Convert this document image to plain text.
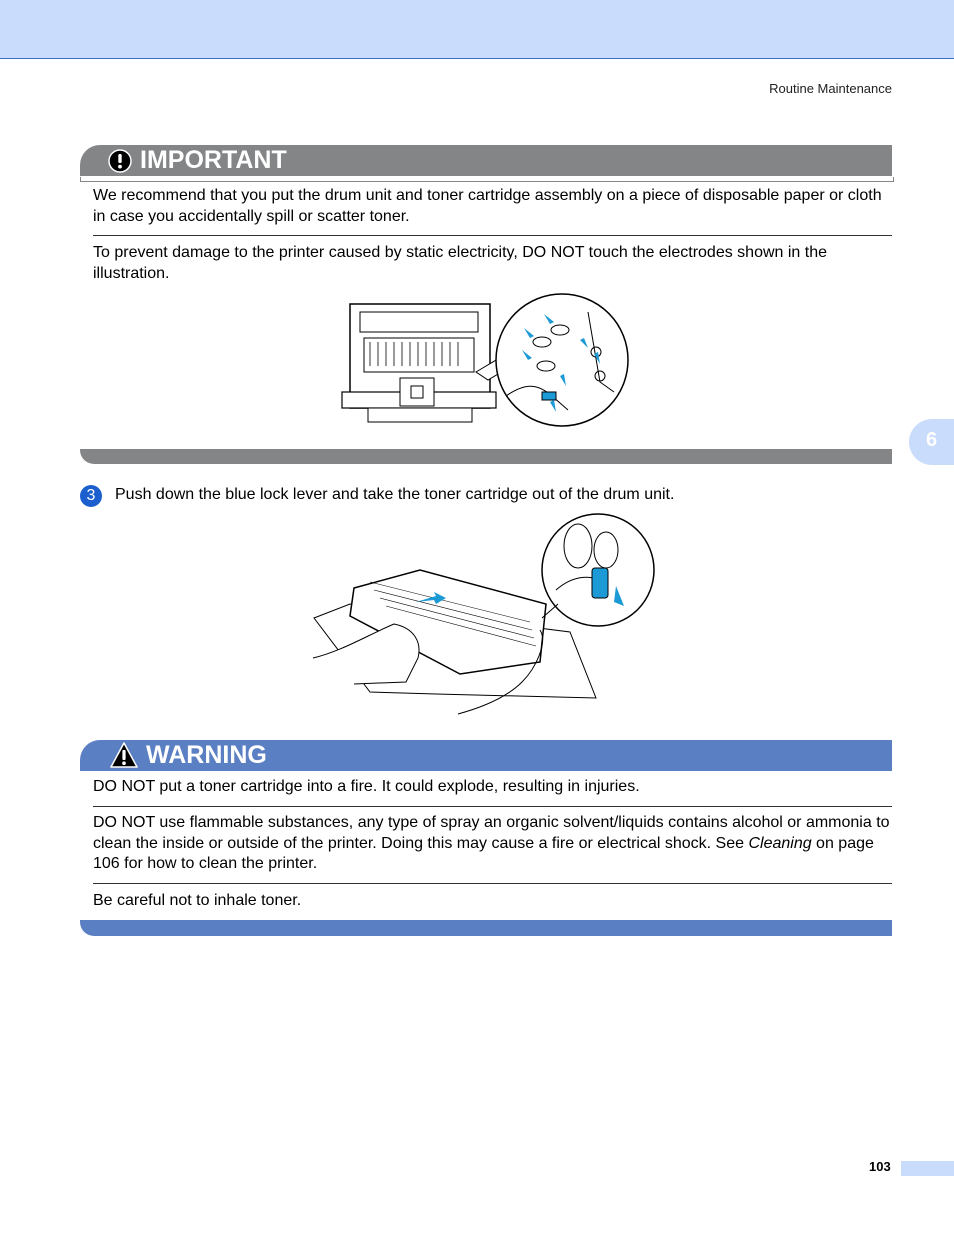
Routine Maintenance
6
IMPORTANT
We recommend that you put the drum unit and toner cartridge assembly on a piece of disposable paper or cloth in case you accidentally spill or scatter toner.
To prevent damage to the printer caused by static electricity, DO NOT touch the electrodes shown in the illustration.
3	Push down the blue lock lever and take the toner cartridge out of the drum unit.
WARNING
DO NOT put a toner cartridge into a fire. It could explode, resulting in injuries.
DO NOT use flammable substances, any type of spray an organic solvent/liquids contains alcohol or ammonia to clean the inside or outside of the printer. Doing this may cause a fire or electrical shock. See Cleaning on page 106 for how to clean the printer.
Be careful not to inhale toner.
103
